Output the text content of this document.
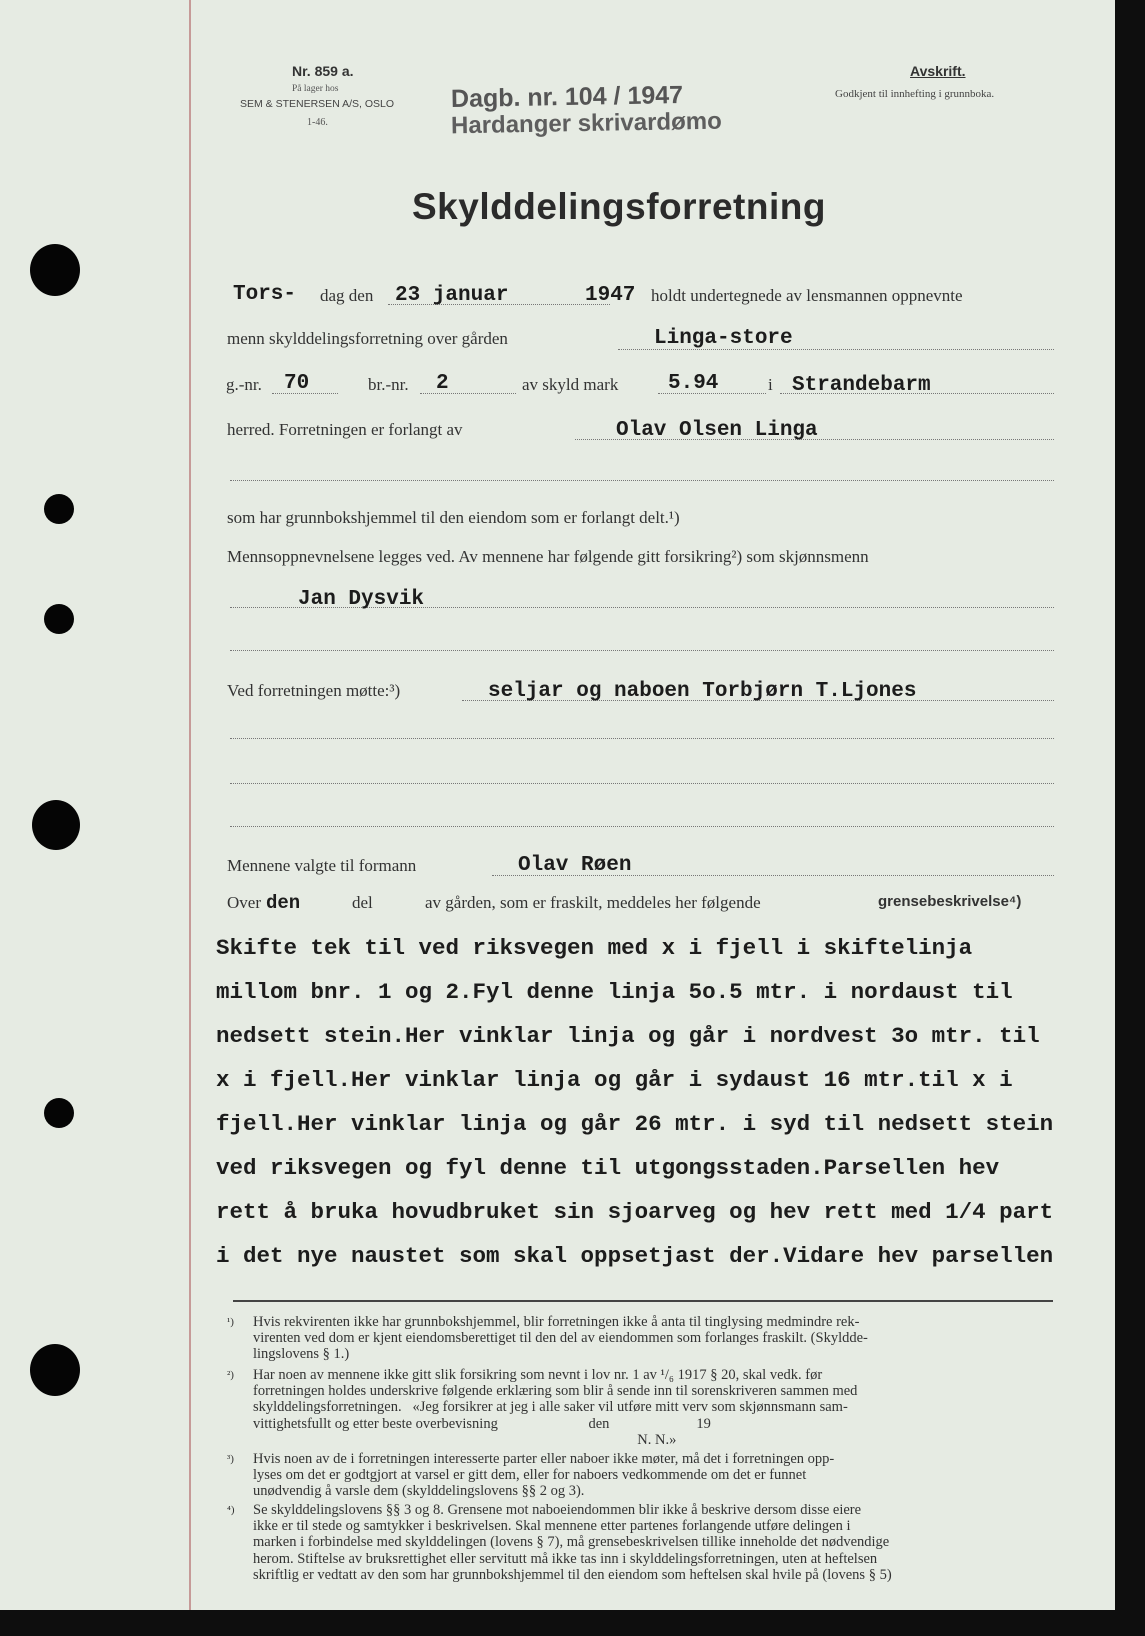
Nr. 859 a.
På lager hos
SEM & STENERSEN A/S, OSLO
1-46.
Dagb. nr. 104 / 1947
Hardanger skrivardømo
Avskrift.
Godkjent til innhefting i grunnboka.
Skylddelingsforretning
Tors- dag den 23 januar	1947 holdt undertegnede av lensmannen oppnevnte
menn skylddelingsforretning over gården	Linga-store
g.-nr. 70	br.-nr. 2	av skyld mark 5.94	i Strandebarm
herred. Forretningen er forlangt av	Olav Olsen Linga
som har grunnbokshjemmel til den eiendom som er forlangt delt.¹)
Mennsoppnevnelsene legges ved. Av mennene har følgende gitt forsikring²) som skjønnsmenn
Jan Dysvik
Ved forretningen møtte:³)	seljar og naboen Torbjørn T.Ljones
Mennene valgte til formann	Olav Røen
Over den	del	av gården, som er fraskilt, meddeles her følgende	grensebeskrivelse⁴)
Skifte tek til ved riksvegen med x i fjell i skiftelinja
millom bnr. 1 og 2.Fyl denne linja 5o.5 mtr. i nordaust til
nedsett stein.Her vinklar linja og går i nordvest 3o mtr. til
x i fjell.Her vinklar linja og går i sydaust 16 mtr.til x i
fjell.Her vinklar linja og går 26 mtr. i syd til nedsett stein
ved riksvegen og fyl denne til utgongsstaden.Parsellen hev
rett å bruka hovudbruket sin sjoarveg og hev rett med 1/4 part
i det nye naustet som skal oppsetjast der.Vidare hev parsellen
¹) Hvis rekvirenten ikke har grunnbokshjemmel, blir forretningen ikke å anta til tinglysing medmindre rek-
virenten ved dom er kjent eiendomsberettiget til den del av eiendommen som forlanges fraskilt. (Skyldde-
lingslovens § 1.)
²) Har noen av mennene ikke gitt slik forsikring som nevnt i lov nr. 1 av ¹/₆ 1917 § 20, skal vedk. før
forretningen holdes underskrive følgende erklæring som blir å sende inn til sorenskriveren sammen med
skylddelingsforretningen.   «Jeg forsikrer at jeg i alle saker vil utføre mitt verv som skjønnsmann sam-
vittighetsfullt og etter beste overbevisning                         den                        19
N. N.»
³) Hvis noen av de i forretningen interesserte parter eller naboer ikke møter, må det i forretningen opp-
lyses om det er godtgjort at varsel er gitt dem, eller for naboers vedkommende om det er funnet
unødvendig å varsle dem (skylddelingslovens §§ 2 og 3).
⁴) Se skylddelingslovens §§ 3 og 8. Grensene mot naboeiendommen blir ikke å beskrive dersom disse eiere
ikke er til stede og samtykker i beskrivelsen. Skal mennene etter partenes forlangende utføre delingen i
marken i forbindelse med skylddelingen (lovens § 7), må grensebeskrivelsen tillike inneholde det nødvendige
herom. Stiftelse av bruksrettighet eller servitutt må ikke tas inn i skylddelingsforretningen, uten at heftelsen
skriftlig er vedtatt av den som har grunnbokshjemmel til den eiendom som heftelsen skal hvile på (lovens § 5)
